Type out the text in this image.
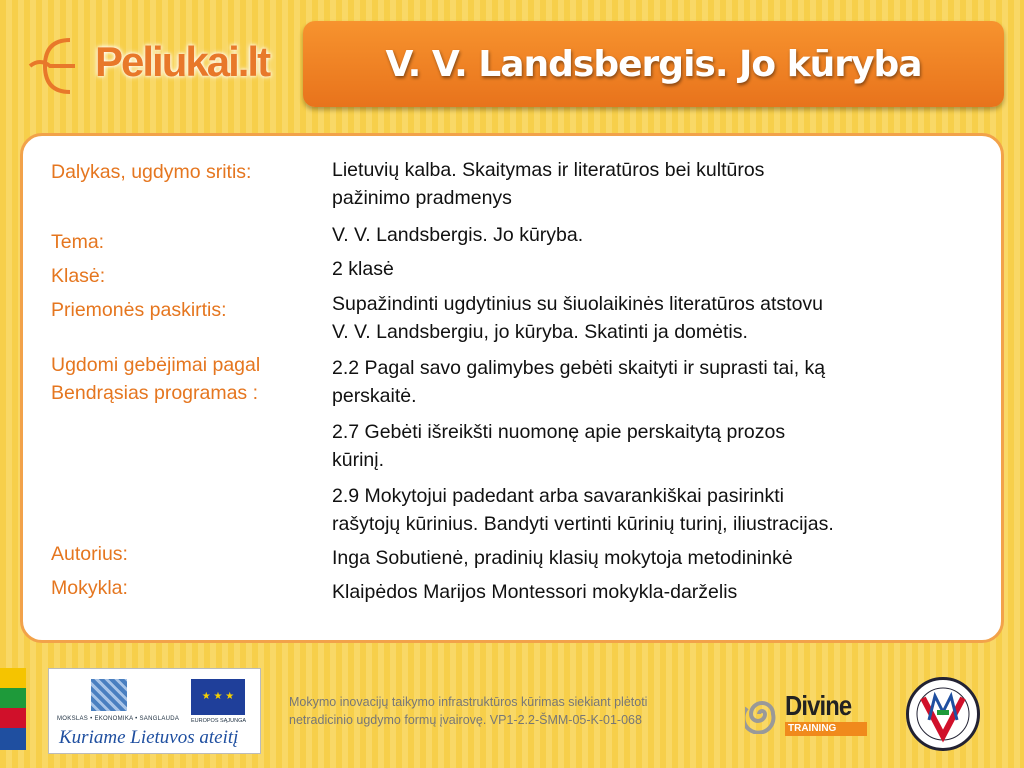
Peliukai.lt	V. V. Landsbergis. Jo kūryba
Dalykas, ugdymo sritis:
Tema:
Klasė:
Priemonės paskirtis:
Ugdomi gebėjimai pagal
Bendrąsias programas :
Autorius:
Mokykla:
Lietuvių kalba. Skaitymas ir literatūros bei kultūros
pažinimo pradmenys
V. V. Landsbergis. Jo kūryba.
2 klasė
Supažindinti ugdytinius su šiuolaikinės literatūros atstovu
V. V. Landsbergiu, jo kūryba. Skatinti ja domėtis.
2.2 Pagal savo galimybes gebėti skaityti ir suprasti tai, ką
perskaitė.
2.7 Gebėti išreikšti nuomonę apie perskaitytą prozos
kūrinį.
2.9 Mokytojui padedant arba savarankiškai pasirinkti
rašytojų kūrinius. Bandyti vertinti kūrinių turinį, iliustracijas.
Inga Sobutienė, pradinių klasių mokytoja metodininkė
Klaipėdos Marijos Montessori mokykla-darželis
★ ★ ★
MOKSLAS • EKONOMIKA • SANGLAUDA EUROPOS SĄJUNGA
Kuriame Lietuvos ateitį
Mokymo inovacijų taikymo infrastruktūros kūrimas siekiant plėtoti
netradicinio ugdymo formų įvairovę. VP1-2.2-ŠMM-05-K-01-068	Divine
TRAINING
